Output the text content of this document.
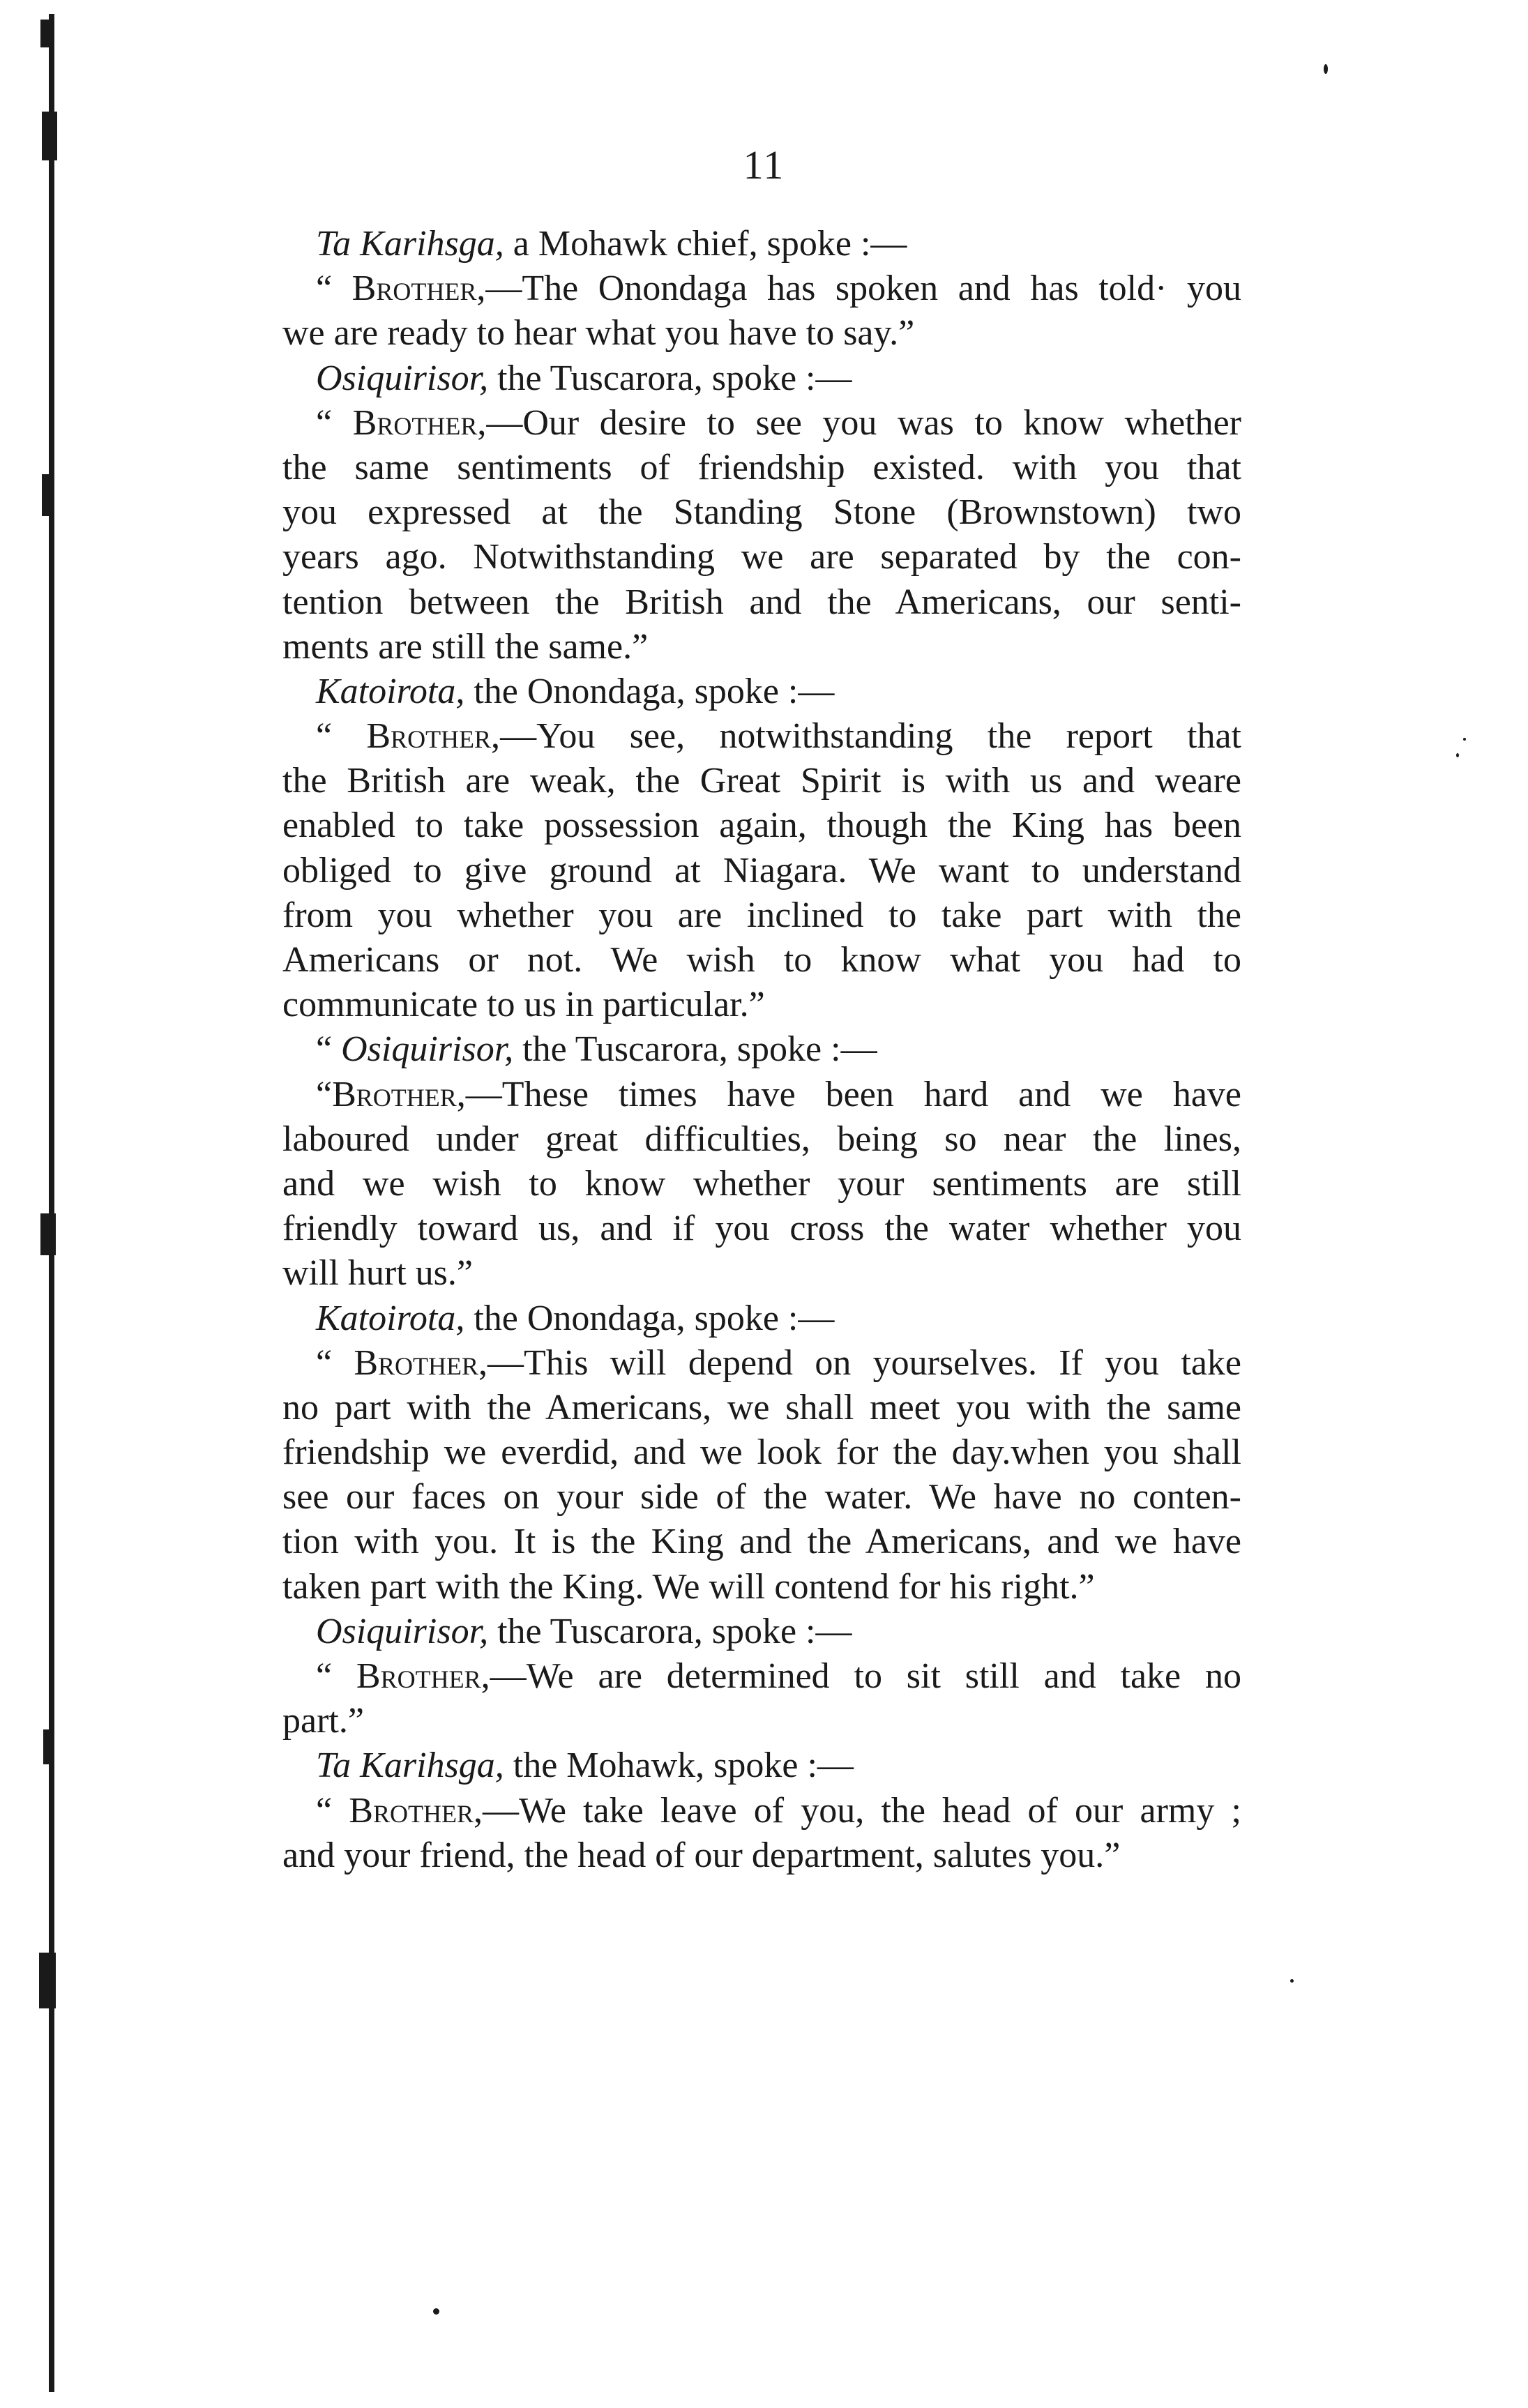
11
Ta Karihsga, a Mohawk chief, spoke :—
“ Brother,—The Onondaga has spoken and has told· you
we are ready to hear what you have to say.”
Osiquirisor, the Tuscarora, spoke :—
“ Brother,—Our desire to see you was to know whether
the same sentiments of friendship existed. with you that
you expressed at the Standing Stone (Brownstown) two
years ago. Notwithstanding we are separated by the con-
tention between the British and the Americans, our senti-
ments are still the same.”
Katoirota, the Onondaga, spoke :—
“ Brother,—You see, notwithstanding the report that
the British are weak, the Great Spirit is with us and weare
enabled to take possession again, though the King has been
obliged to give ground at Niagara. We want to understand
from you whether you are inclined to take part with the
Americans or not. We wish to know what you had to
communicate to us in particular.”
“ Osiquirisor, the Tuscarora, spoke :—
“Brother,—These times have been hard and we have
laboured under great difficulties, being so near the lines,
and we wish to know whether your sentiments are still
friendly toward us, and if you cross the water whether you
will hurt us.”
Katoirota, the Onondaga, spoke :—
“ Brother,—This will depend on yourselves. If you take
no part with the Americans, we shall meet you with the same
friendship we everdid, and we look for the day.when you shall
see our faces on your side of the water. We have no conten-
tion with you. It is the King and the Americans, and we have
taken part with the King. We will contend for his right.”
Osiquirisor, the Tuscarora, spoke :—
“ Brother,—We are determined to sit still and take no
part.”
Ta Karihsga, the Mohawk, spoke :—
“ Brother,—We take leave of you, the head of our army ;
and your friend, the head of our department, salutes you.”
